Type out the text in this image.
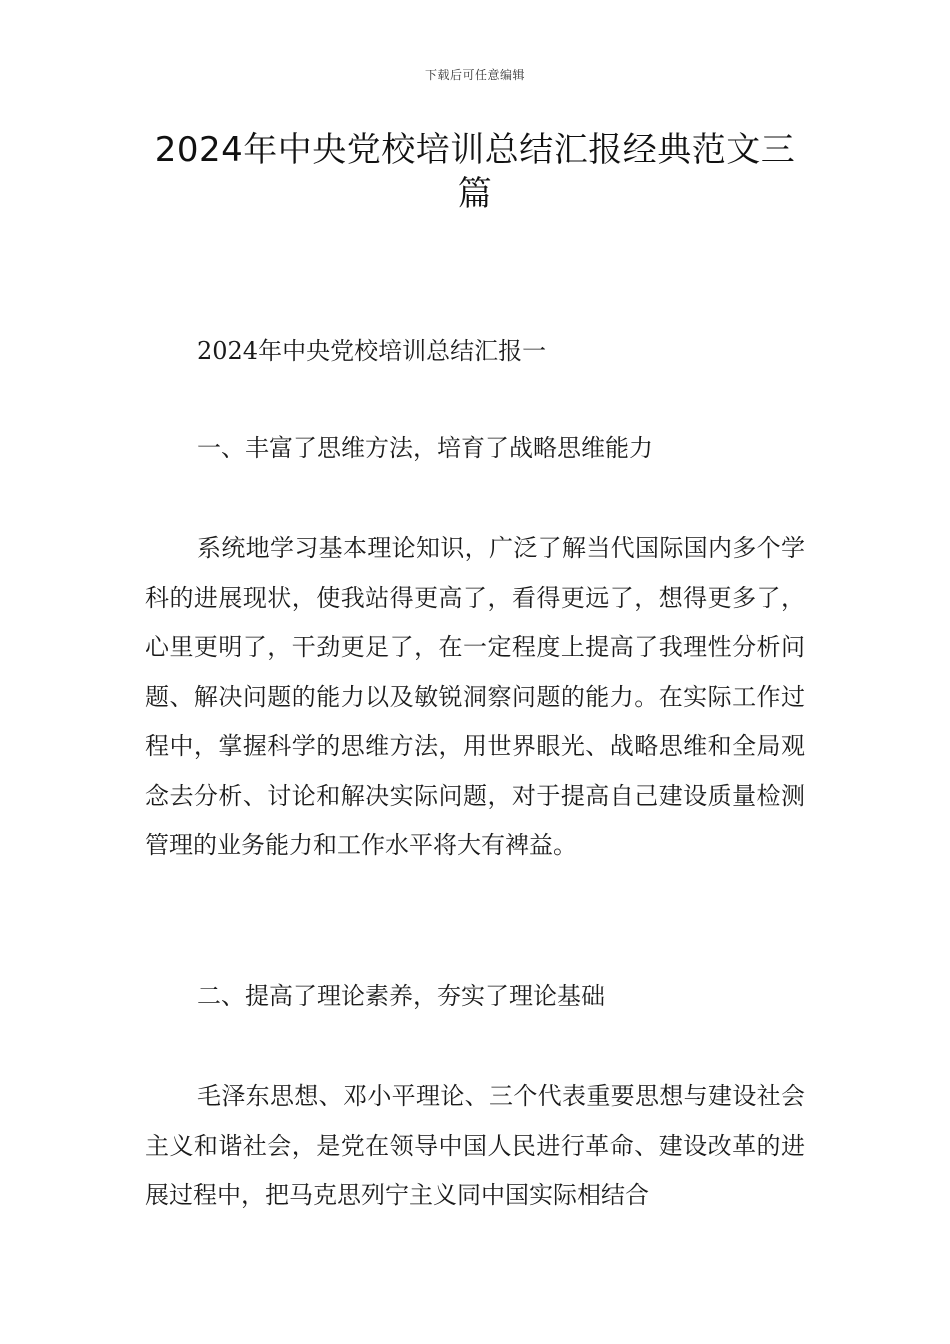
下载后可任意编辑
2024年中央党校培训总结汇报经典范文三篇

2024年中央党校培训总结汇报一

一、丰富了思维方法，培育了战略思维能力

系统地学习基本理论知识，广泛了解当代国际国内多个学科的进展现状，使我站得更高了，看得更远了，想得更多了，心里更明了，干劲更足了，在一定程度上提高了我理性分析问题、解决问题的能力以及敏锐洞察问题的能力。在实际工作过程中，掌握科学的思维方法，用世界眼光、战略思维和全局观念去分析、讨论和解决实际问题，对于提高自己建设质量检测管理的业务能力和工作水平将大有裨益。

二、提高了理论素养，夯实了理论基础

毛泽东思想、邓小平理论、三个代表重要思想与建设社会主义和谐社会，是党在领导中国人民进行革命、建设改革的进展过程中，把马克思列宁主义同中国实际相结合
